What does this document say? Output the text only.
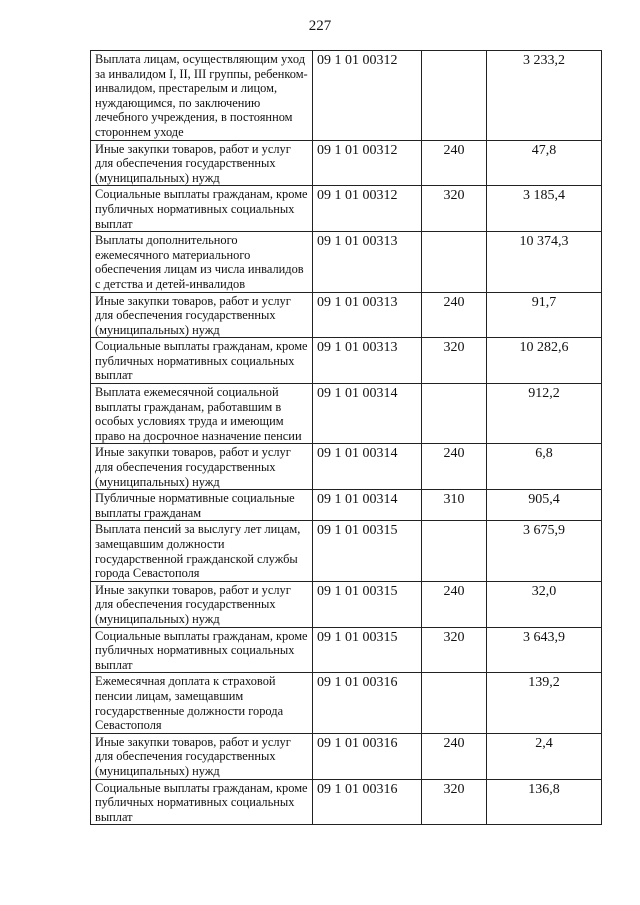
227
Выплата лицам, осуществляющим уход за инвалидом I, II, III группы, ребенком-инвалидом, престарелым и лицом, нуждающимся, по заключению лечебного учреждения, в постоянном стороннем уходе	09 1 01 00312		3 233,2
Иные закупки товаров, работ и услуг для обеспечения государственных (муниципальных) нужд	09 1 01 00312	240	47,8
Социальные выплаты гражданам, кроме публичных нормативных социальных выплат	09 1 01 00312	320	3 185,4
Выплаты дополнительного ежемесячного материального обеспечения лицам из числа инвалидов с детства и детей-инвалидов	09 1 01 00313		10 374,3
Иные закупки товаров, работ и услуг для обеспечения государственных (муниципальных) нужд	09 1 01 00313	240	91,7
Социальные выплаты гражданам, кроме публичных нормативных социальных выплат	09 1 01 00313	320	10 282,6
Выплата ежемесячной социальной выплаты гражданам, работавшим в особых условиях труда и имеющим право на досрочное назначение пенсии	09 1 01 00314		912,2
Иные закупки товаров, работ и услуг для обеспечения государственных (муниципальных) нужд	09 1 01 00314	240	6,8
Публичные нормативные социальные выплаты гражданам	09 1 01 00314	310	905,4
Выплата пенсий за выслугу лет лицам, замещавшим должности государственной гражданской службы города Севастополя	09 1 01 00315		3 675,9
Иные закупки товаров, работ и услуг для обеспечения государственных (муниципальных) нужд	09 1 01 00315	240	32,0
Социальные выплаты гражданам, кроме публичных нормативных социальных выплат	09 1 01 00315	320	3 643,9
Ежемесячная доплата к страховой пенсии лицам, замещавшим государственные должности города Севастополя	09 1 01 00316		139,2
Иные закупки товаров, работ и услуг для обеспечения государственных (муниципальных) нужд	09 1 01 00316	240	2,4
Социальные выплаты гражданам, кроме публичных нормативных социальных выплат	09 1 01 00316	320	136,8
